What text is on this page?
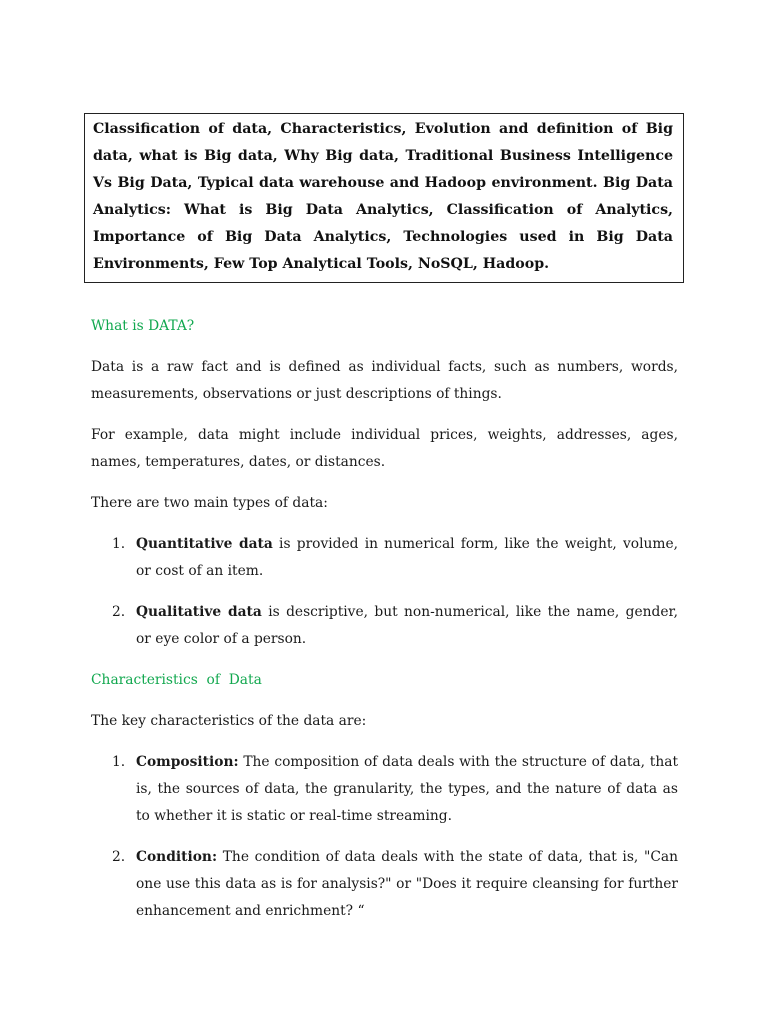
Classification of data, Characteristics, Evolution and definition of Big data, what is Big data, Why Big data, Traditional Business Intelligence Vs Big Data, Typical data warehouse and Hadoop environment. Big Data Analytics: What is Big Data Analytics, Classification of Analytics, Importance of Big Data Analytics, Technologies used in Big Data Environments, Few Top Analytical Tools, NoSQL, Hadoop.
What is DATA?

Data is a raw fact and is defined as individual facts, such as numbers, words, measurements, observations or just descriptions of things.

For example, data might include individual prices, weights, addresses, ages, names, temperatures, dates, or distances.

There are two main types of data:

1. Quantitative data is provided in numerical form, like the weight, volume, or cost of an item.
2. Qualitative data is descriptive, but non-numerical, like the name, gender, or eye color of a person.
Characteristics  of  Data

The key characteristics of the data are:

1. Composition: The composition of data deals with the structure of data, that is, the sources of data, the granularity, the types, and the nature of data as to whether it is static or real-time streaming.
2. Condition: The condition of data deals with the state of data, that is, "Can one use this data as is for analysis?" or "Does it require cleansing for further enhancement and enrichment? “
